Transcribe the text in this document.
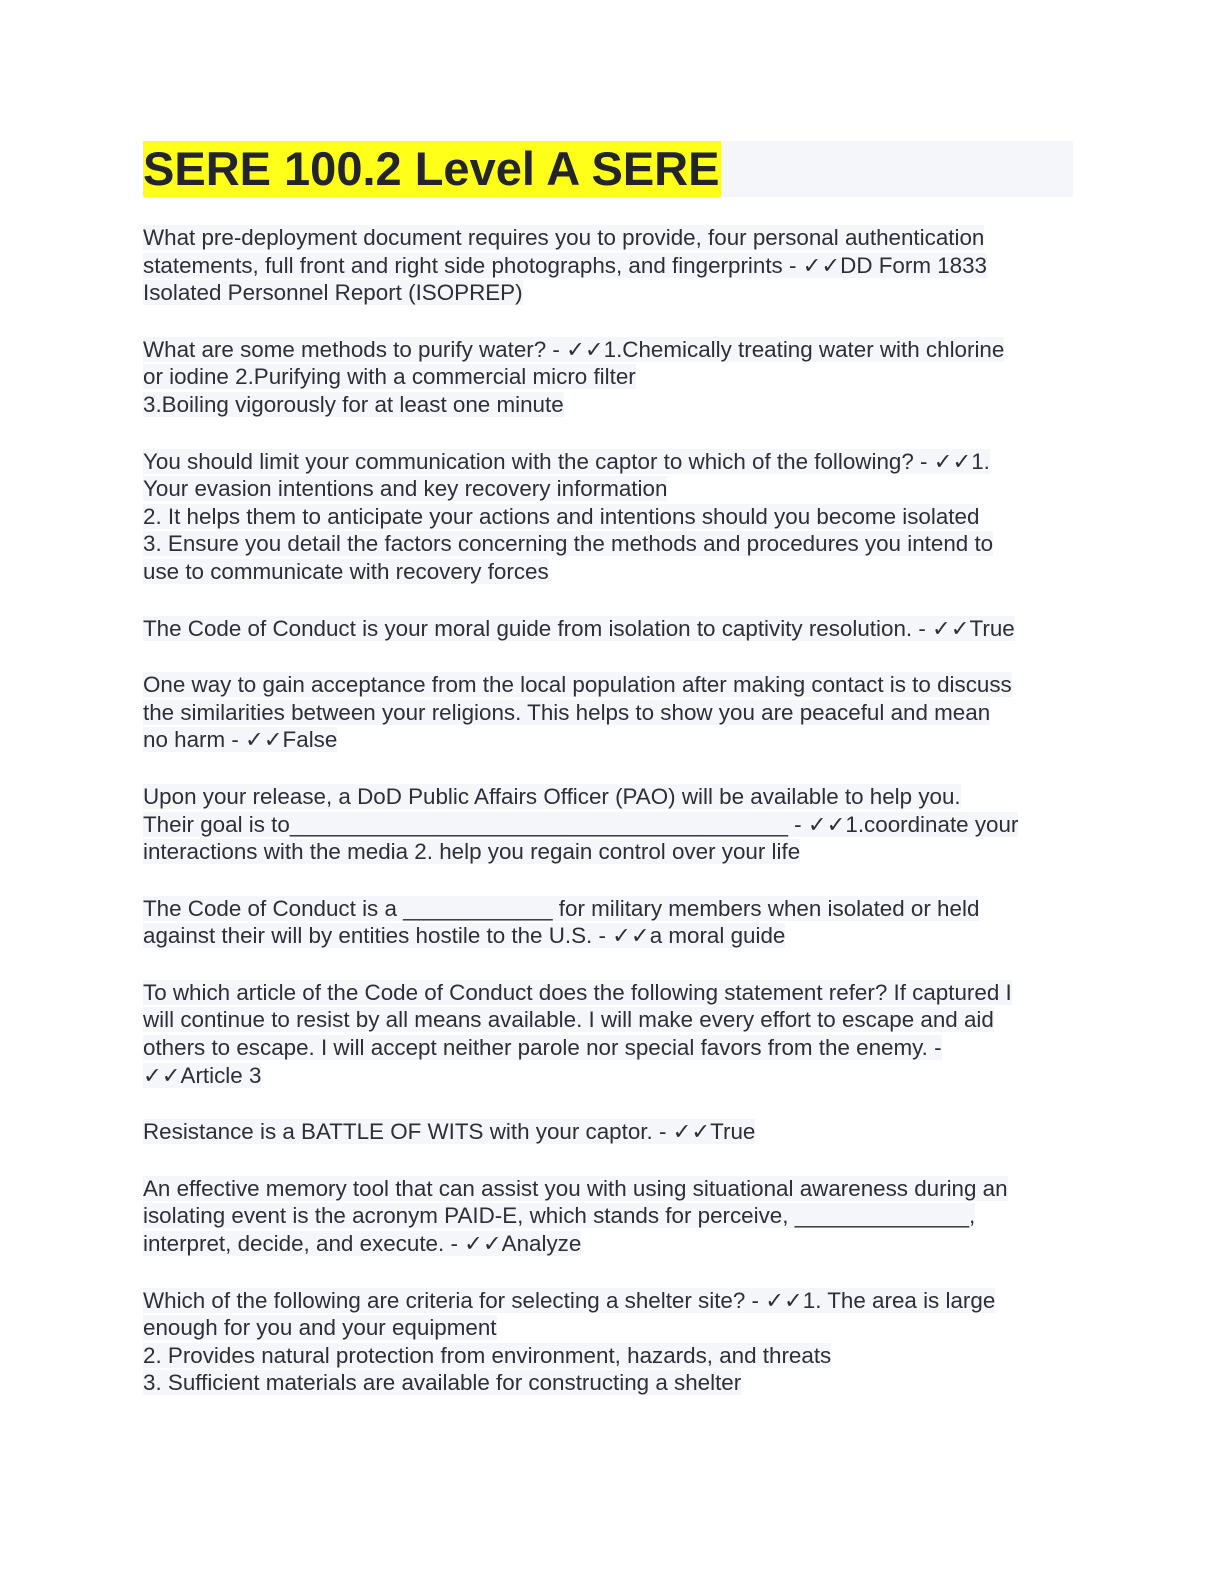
SERE 100.2 Level A SERE
What pre-deployment document requires you to provide, four personal authentication
statements, full front and right side photographs, and fingerprints - ✓✓DD Form 1833
Isolated Personnel Report (ISOPREP)
What are some methods to purify water? - ✓✓1.Chemically treating water with chlorine
or iodine 2.Purifying with a commercial micro filter
3.Boiling vigorously for at least one minute
You should limit your communication with the captor to which of the following? - ✓✓1.
Your evasion intentions and key recovery information
2. It helps them to anticipate your actions and intentions should you become isolated
3. Ensure you detail the factors concerning the methods and procedures you intend to
use to communicate with recovery forces
The Code of Conduct is your moral guide from isolation to captivity resolution. - ✓✓True
One way to gain acceptance from the local population after making contact is to discuss
the similarities between your religions. This helps to show you are peaceful and mean
no harm - ✓✓False
Upon your release, a DoD Public Affairs Officer (PAO) will be available to help you.
Their goal is to________________________________________ - ✓✓1.coordinate your
interactions with the media 2. help you regain control over your life
The Code of Conduct is a ____________ for military members when isolated or held
against their will by entities hostile to the U.S. - ✓✓a moral guide
To which article of the Code of Conduct does the following statement refer? If captured I
will continue to resist by all means available. I will make every effort to escape and aid
others to escape. I will accept neither parole nor special favors from the enemy. -
✓✓Article 3
Resistance is a BATTLE OF WITS with your captor. - ✓✓True
An effective memory tool that can assist you with using situational awareness during an
isolating event is the acronym PAID-E, which stands for perceive, ______________,
interpret, decide, and execute. - ✓✓Analyze
Which of the following are criteria for selecting a shelter site? - ✓✓1. The area is large
enough for you and your equipment
2. Provides natural protection from environment, hazards, and threats
3. Sufficient materials are available for constructing a shelter
